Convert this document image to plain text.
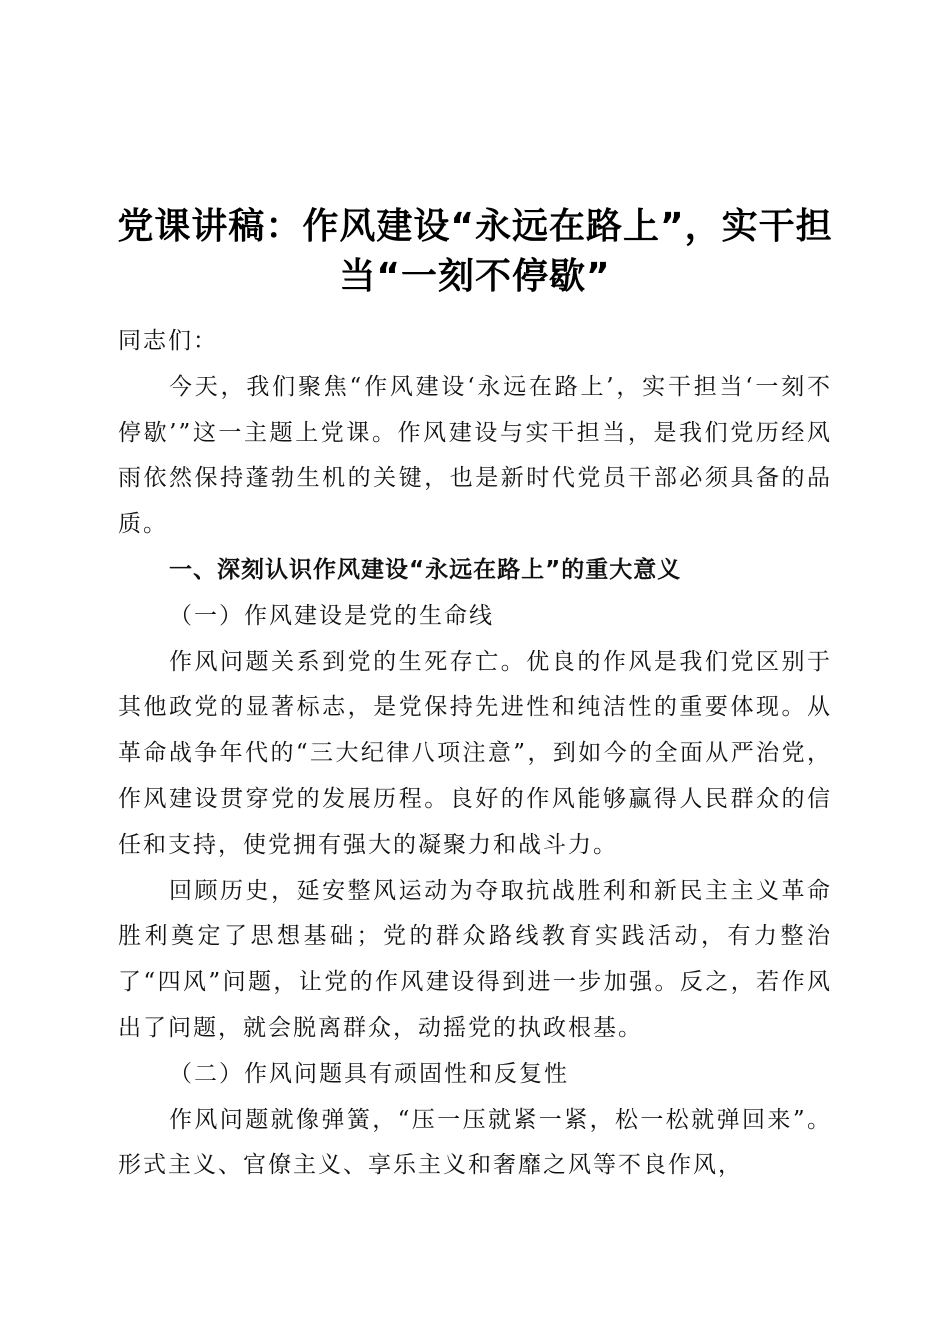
党课讲稿：作风建设“永远在路上”，实干担
当“一刻不停歇”

同志们：

今天，我们聚焦“作风建设‘永远在路上’，实干担当‘一刻不停歇’”这一主题上党课。作风建设与实干担当，是我们党历经风雨依然保持蓬勃生机的关键，也是新时代党员干部必须具备的品质。

一、深刻认识作风建设“永远在路上”的重大意义

（一）作风建设是党的生命线

作风问题关系到党的生死存亡。优良的作风是我们党区别于其他政党的显著标志，是党保持先进性和纯洁性的重要体现。从革命战争年代的“三大纪律八项注意”，到如今的全面从严治党，作风建设贯穿党的发展历程。良好的作风能够赢得人民群众的信任和支持，使党拥有强大的凝聚力和战斗力。

回顾历史，延安整风运动为夺取抗战胜利和新民主主义革命胜利奠定了思想基础；党的群众路线教育实践活动，有力整治了“四风”问题，让党的作风建设得到进一步加强。反之，若作风出了问题，就会脱离群众，动摇党的执政根基。

（二）作风问题具有顽固性和反复性

作风问题就像弹簧，“压一压就紧一紧，松一松就弹回来”。形式主义、官僚主义、享乐主义和奢靡之风等不良作风，
